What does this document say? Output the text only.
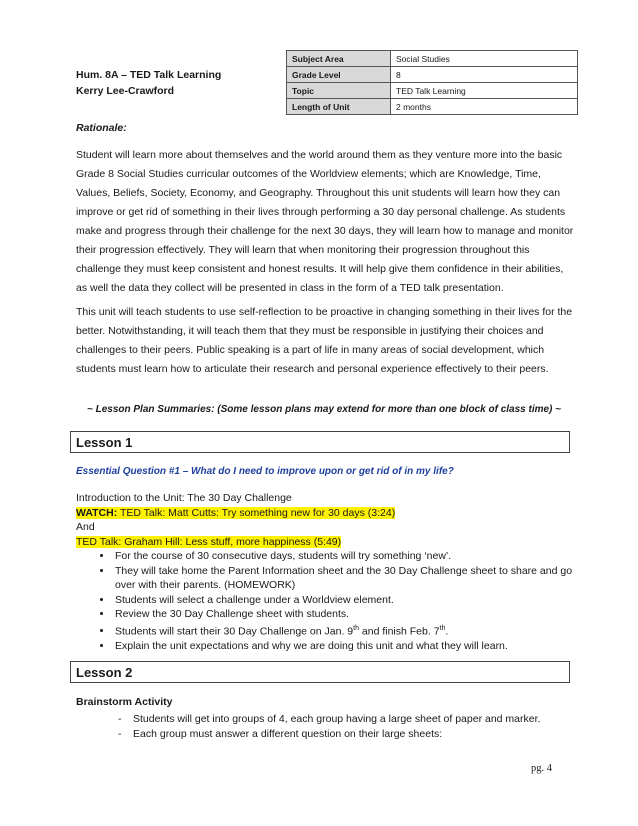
Hum. 8A – TED Talk Learning
Kerry Lee-Crawford
Subject Area	Social Studies
Grade Level	8
Topic	TED Talk Learning
Length of Unit	2 months
Rationale:
Student will learn more about themselves and the world around them as they venture more into the basic Grade 8 Social Studies curricular outcomes of the Worldview elements; which are Knowledge, Time, Values, Beliefs, Society, Economy, and Geography. Throughout this unit students will learn how they can improve or get rid of something in their lives through performing a 30 day personal challenge. As students make and progress through their challenge for the next 30 days, they will learn how to manage and monitor their progression effectively. They will learn that when monitoring their progression throughout this challenge they must keep consistent and honest results. It will help give them confidence in their abilities, as well the data they collect will be presented in class in the form of a TED talk presentation.
This unit will teach students to use self-reflection to be proactive in changing something in their lives for the better. Notwithstanding, it will teach them that they must be responsible in justifying their choices and challenges to their peers. Public speaking is a part of life in many areas of social development, which students must learn how to articulate their research and personal experience effectively to their peers.
~ Lesson Plan Summaries: (Some lesson plans may extend for more than one block of class time) ~
Lesson 1
Essential Question #1 – What do I need to improve upon or get rid of in my life?
Introduction to the Unit: The 30 Day Challenge
WATCH: TED Talk: Matt Cutts: Try something new for 30 days (3:24)
And
TED Talk: Graham Hill: Less stuff, more happiness (5:49)
• For the course of 30 consecutive days, students will try something ‘new’.
• They will take home the Parent Information sheet and the 30 Day Challenge sheet to share and go over with their parents. (HOMEWORK)
• Students will select a challenge under a Worldview element.
• Review the 30 Day Challenge sheet with students.
• Students will start their 30 Day Challenge on Jan. 9th and finish Feb. 7th.
• Explain the unit expectations and why we are doing this unit and what they will learn.
Lesson 2
Brainstorm Activity
- Students will get into groups of 4, each group having a large sheet of paper and marker.
- Each group must answer a different question on their large sheets:
pg. 4
